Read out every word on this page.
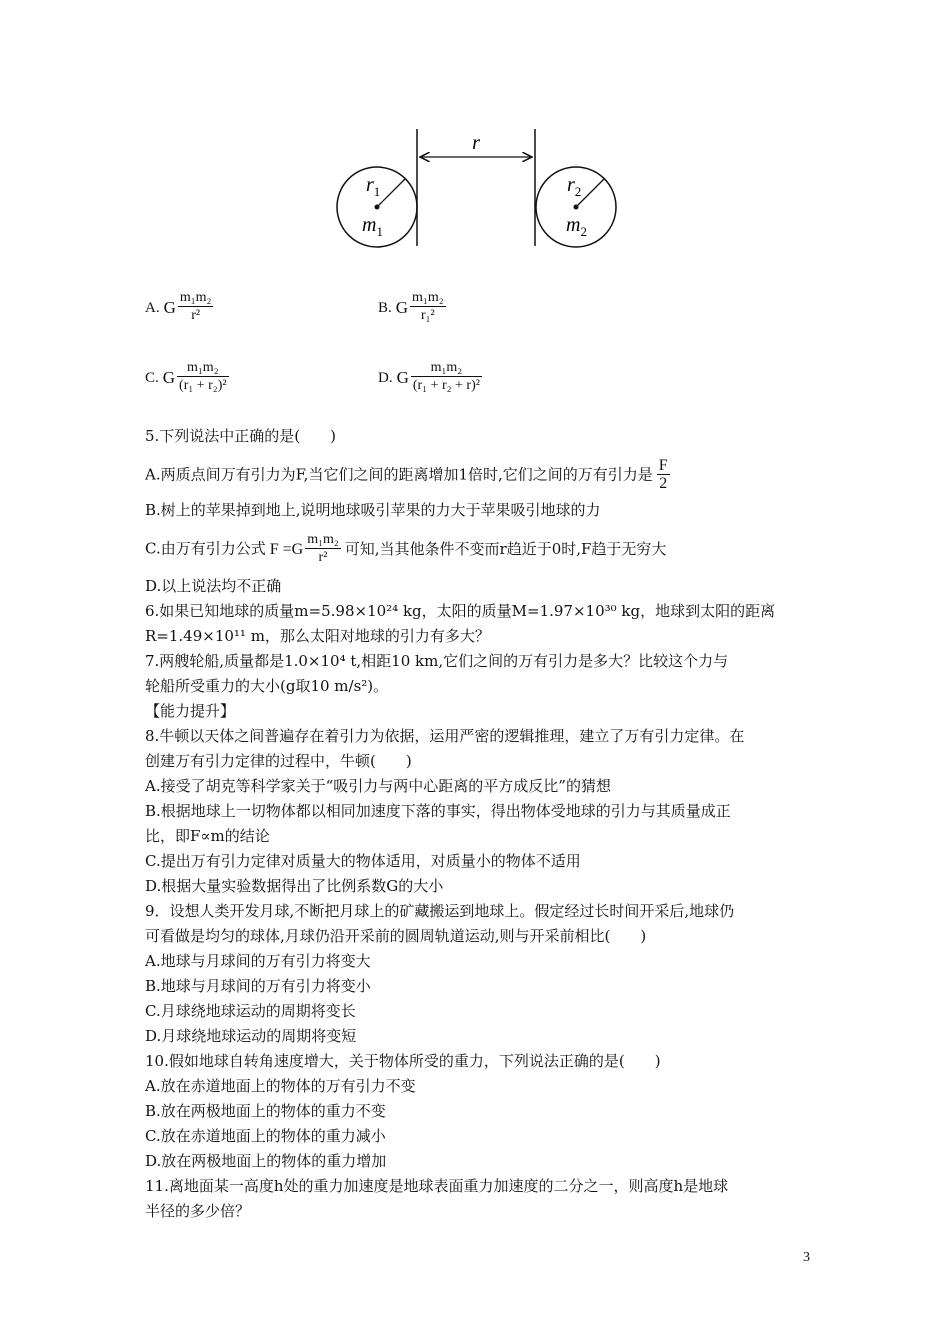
r
$r_1$
$m_1$
$r_2$
$m_2$
A. G $\frac{\text{m₁m₂}}{\text{r²}}$	B. G $\frac{\text{m₁m₂}}{\text{r₁²}}$
C. G $\frac{\text{m₁m₂}}{\text{(r₁ + r₂)²}}$	D. G $\frac{\text{m₁m₂}}{\text{(r₁ + r₂ + r)²}}$
5.下列说法中正确的是(　　)
A.两质点间万有引力为F,当它们之间的距离增加1倍时,它们之间的万有引力是 $\frac{F}{2}$
B.树上的苹果掉到地上,说明地球吸引苹果的力大于苹果吸引地球的力
C.由万有引力公式 $F =G \frac{\text{m₁m₂}}{\text{r²}}$ 可知,当其他条件不变而r趋近于0时,F趋于无穷大
D.以上说法均不正确
6.如果已知地球的质量m=5.98×10²⁴ kg，太阳的质量M=1.97×10³⁰ kg，地球到太阳的距离
R=1.49×10¹¹ m，那么太阳对地球的引力有多大？
7.两艘轮船,质量都是1.0×10⁴ t,相距10 km,它们之间的万有引力是多大？比较这个力与
轮船所受重力的大小(g取10 m/s²)。
【能力提升】
8.牛顿以天体之间普遍存在着引力为依据，运用严密的逻辑推理，建立了万有引力定律。在
创建万有引力定律的过程中，牛顿(　　)
A.接受了胡克等科学家关于“吸引力与两中心距离的平方成反比”的猜想
B.根据地球上一切物体都以相同加速度下落的事实，得出物体受地球的引力与其质量成正
比，即F∝m的结论
C.提出万有引力定律对质量大的物体适用，对质量小的物体不适用
D.根据大量实验数据得出了比例系数G的大小
9．设想人类开发月球,不断把月球上的矿藏搬运到地球上。假定经过长时间开采后,地球仍
可看做是均匀的球体,月球仍沿开采前的圆周轨道运动,则与开采前相比(　　)
A.地球与月球间的万有引力将变大
B.地球与月球间的万有引力将变小
C.月球绕地球运动的周期将变长
D.月球绕地球运动的周期将变短
10.假如地球自转角速度增大，关于物体所受的重力，下列说法正确的是(　　)
A.放在赤道地面上的物体的万有引力不变
B.放在两极地面上的物体的重力不变
C.放在赤道地面上的物体的重力减小
D.放在两极地面上的物体的重力增加
11.离地面某一高度h处的重力加速度是地球表面重力加速度的二分之一，则高度h是地球
半径的多少倍？
3
